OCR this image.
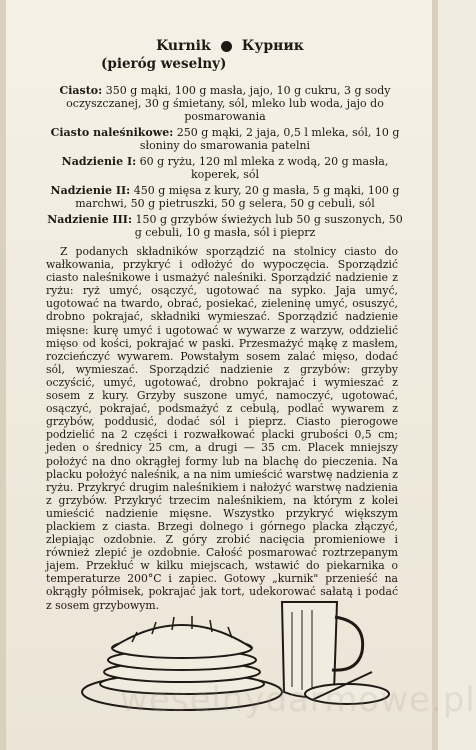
Kurnik Курник
(pieróg weselny)
Ciasto: 350 g mąki, 100 g masła, jajo, 10 g cukru, 3 g sody oczyszczanej, 30 g śmietany, sól, mleko lub woda, jajo do posmarowania
Ciasto naleśnikowe: 250 g mąki, 2 jaja, 0,5 l mleka, sól, 10 g słoniny do smarowania patelni
Nadzienie I: 60 g ryżu, 120 ml mleka z wodą, 20 g masła, koperek, sól
Nadzienie II: 450 g mięsa z kury, 20 g masła, 5 g mąki, 100 g marchwi, 50 g pietruszki, 50 g selera, 50 g cebuli, sól
Nadzienie III: 150 g grzybów świeżych lub 50 g suszonych, 50 g cebuli, 10 g masła, sól i pieprz
Z podanych składników sporządzić na stolnicy ciasto do wałkowania, przykryć i odłożyć do wypoczęcia. Sporządzić ciasto naleśnikowe i usmażyć naleśniki. Sporządzić nadzienie z ryżu: ryż umyć, osączyć, ugotować na sypko. Jaja umyć, ugotować na twardo, obrać, posiekać, zieleninę umyć, osuszyć, drobno pokrajać, składniki wymieszać. Sporządzić nadzienie mięsne: kurę umyć i ugotować w wywarze z warzyw, oddzielić mięso od kości, pokrajać w paski. Przesmażyć mąkę z masłem, rozcieńczyć wywarem. Powstałym sosem zalać mięso, dodać sól, wymieszać. Sporządzić nadzienie z grzybów: grzyby oczyścić, umyć, ugotować, drobno pokrajać i wymieszać z sosem z kury. Grzyby suszone umyć, namoczyć, ugotować, osączyć, pokrajać, podsmażyć z cebulą, podlać wywarem z grzybów, poddusić, dodać sól i pieprz. Ciasto pierogowe podzielić na 2 części i rozwałkować placki grubości 0,5 cm; jeden o średnicy 25 cm, a drugi — 35 cm. Placek mniejszy położyć na dno okrągłej formy lub na blachę do pieczenia. Na placku położyć naleśnik, a na nim umieścić warstwę nadzienia z ryżu. Przykryć drugim naleśnikiem i nałożyć warstwę nadzienia z grzybów. Przykryć trzecim naleśnikiem, na którym z kolei umieścić nadzienie mięsne. Wszystko przykryć większym plackiem z ciasta. Brzegi dolnego i górnego placka złączyć, zlepiając ozdobnie. Z góry zrobić nacięcia promieniowe i również zlepić je ozdobnie. Całość posmarować roztrzepanym jajem. Przekłuć w kilku miejscach, wstawić do piekarnika o temperaturze 200°C i zapiec. Gotowy „kurnik" przenieść na okrągły półmisek, pokrajać jak tort, udekorować sałatą i podać z sosem grzybowym.
weselnydarmowe.pl
